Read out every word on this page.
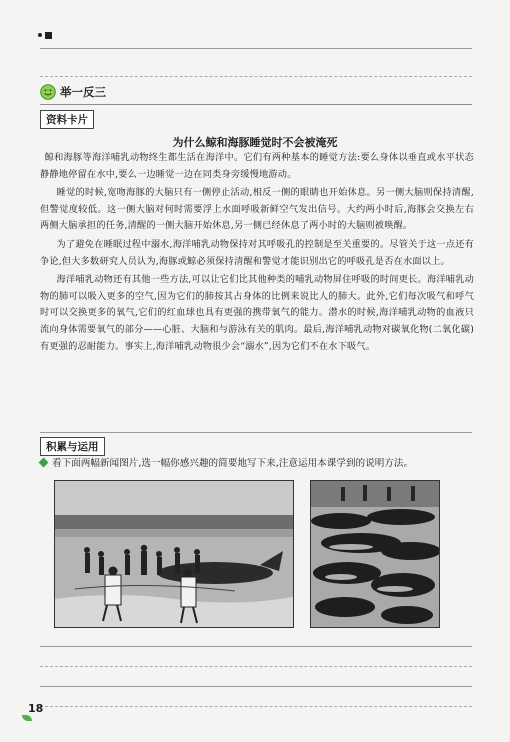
举一反三
资料卡片
为什么鲸和海豚睡觉时不会被淹死

鲸和海豚等海洋哺乳动物终生都生活在海洋中。它们有两种基本的睡觉方法:要么身体以垂直或水平状态静静地停留在水中,要么一边睡觉一边在同类身旁缓慢地游动。

睡觉的时候,宽吻海豚的大脑只有一侧停止活动,相反一侧的眼睛也开始休息。另一侧大脑则保持清醒,但警觉度较低。这一侧大脑对何时需要浮上水面呼吸新鲜空气发出信号。大约两小时后,海豚会交换左右两侧大脑承担的任务,清醒的一侧大脑开始休息,另一侧已经休息了两小时的大脑则被唤醒。

为了避免在睡眠过程中溺水,海洋哺乳动物保持对其呼吸孔的控制是至关重要的。尽管关于这一点还有争论,但大多数研究人员认为,海豚或鲸必须保持清醒和警觉才能识别出它的呼吸孔是否在水面以上。

海洋哺乳动物还有其他一些方法,可以让它们比其他种类的哺乳动物屏住呼吸的时间更长。海洋哺乳动物的肺可以吸入更多的空气,因为它们的肺按其占身体的比例来说比人的肺大。此外,它们每次吸气和呼气时可以交换更多的氧气,它们的红血球也具有更强的携带氧气的能力。潜水的时候,海洋哺乳动物的血液只流向身体需要氧气的部分——心脏、大脑和与游泳有关的肌肉。最后,海洋哺乳动物对碳氧化物(二氧化碳)有更强的忍耐能力。事实上,海洋哺乳动物很少会“溺水”,因为它们不在水下吸气。

积累与运用
看下面两幅新闻图片,选一幅你感兴趣的简要地写下来,注意运用本课学到的说明方法。
18
